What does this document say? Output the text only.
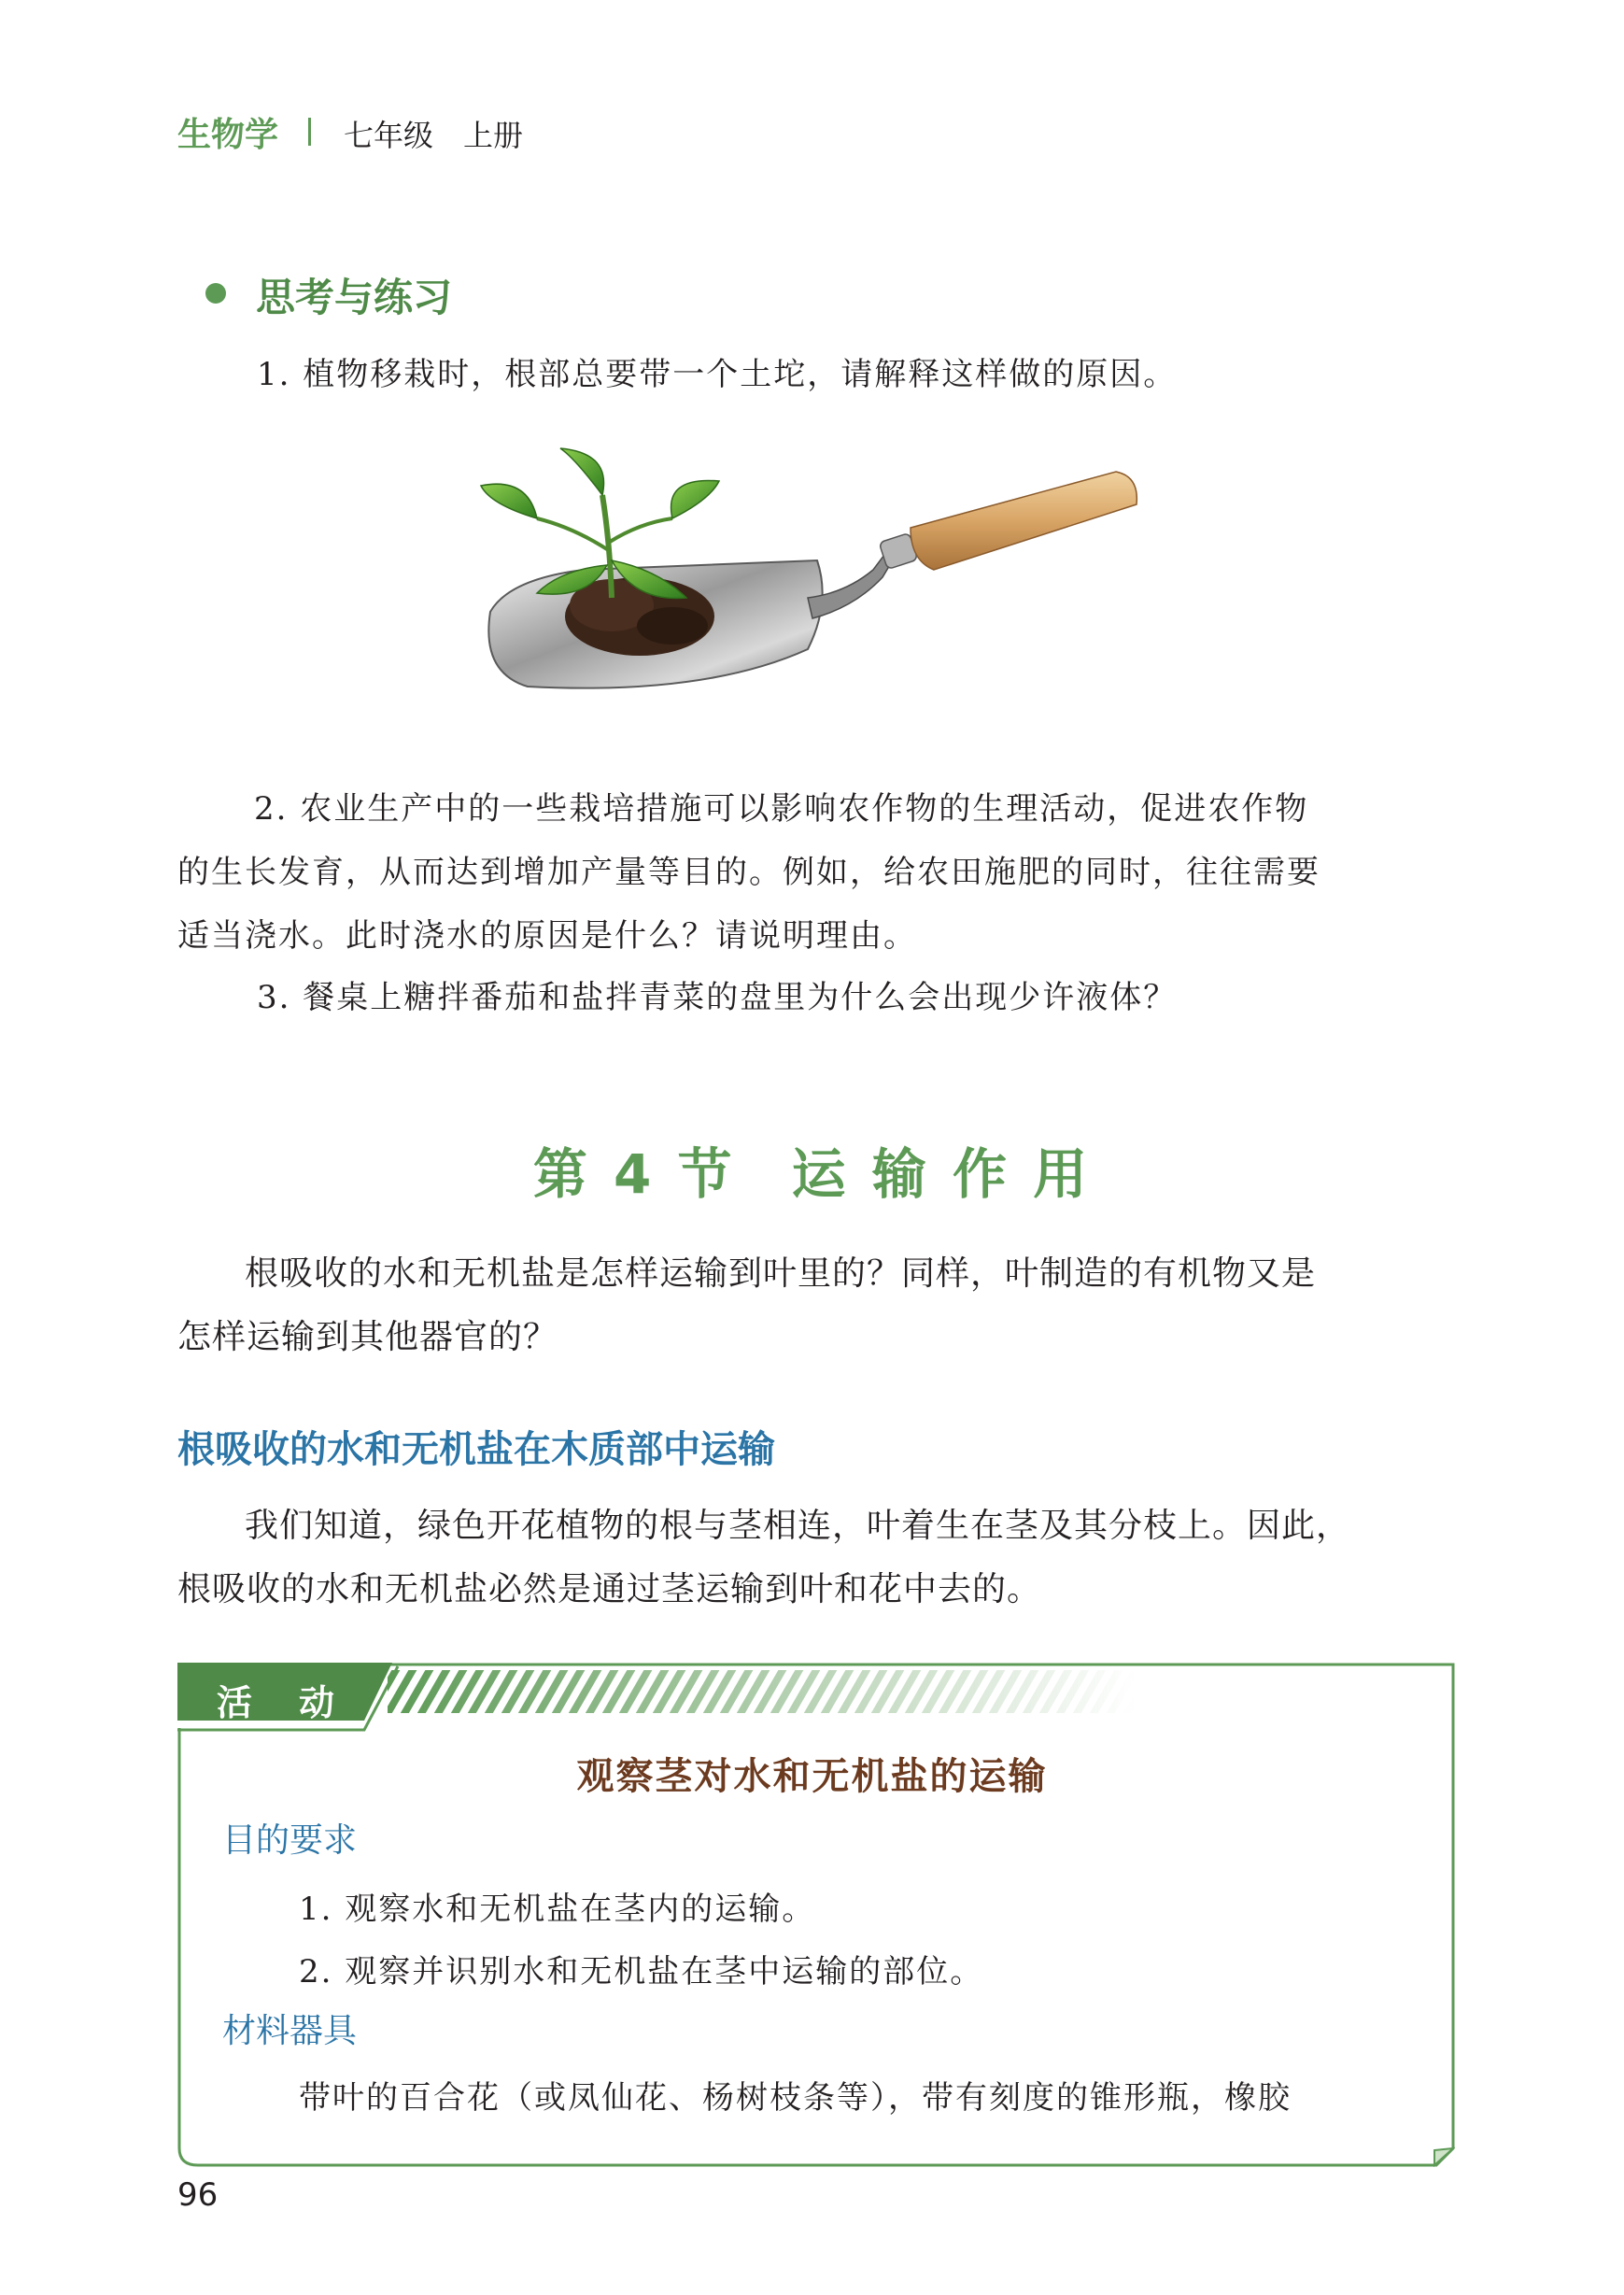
生物学 七年级　上册
思考与练习
1. 植物移栽时，根部总要带一个土坨，请解释这样做的原因。
2. 农业生产中的一些栽培措施可以影响农作物的生理活动，促进农作物
的生长发育，从而达到增加产量等目的。例如，给农田施肥的同时，往往需要
适当浇水。此时浇水的原因是什么？请说明理由。
3. 餐桌上糖拌番茄和盐拌青菜的盘里为什么会出现少许液体？
第 4 节 运 输 作 用

根吸收的水和无机盐是怎样运输到叶里的？同样，叶制造的有机物又是

怎样运输到其他器官的？

根吸收的水和无机盐在木质部中运输

我们知道，绿色开花植物的根与茎相连，叶着生在茎及其分枝上。因此，

根吸收的水和无机盐必然是通过茎运输到叶和花中去的。

活　动
观察茎对水和无机盐的运输
目的要求
1. 观察水和无机盐在茎内的运输。
2. 观察并识别水和无机盐在茎中运输的部位。
材料器具
带叶的百合花（或凤仙花、杨树枝条等），带有刻度的锥形瓶，橡胶
96
